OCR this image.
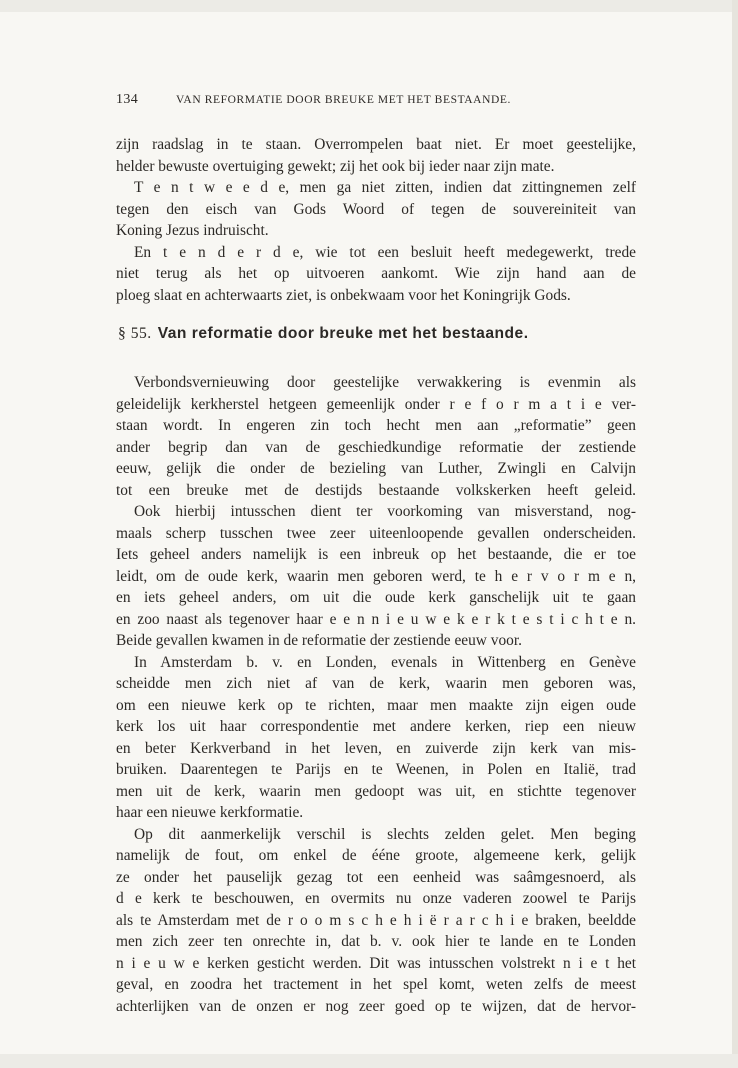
134	VAN REFORMATIE DOOR BREUKE MET HET BESTAANDE.
zijn raadslag in te staan. Overrompelen baat niet. Er moet geestelijke,
helder bewuste overtuiging gewekt; zij het ook bij ieder naar zijn mate.
T e n t w e e d e, men ga niet zitten, indien dat zittingnemen zelf
tegen den eisch van Gods Woord of tegen de souvereiniteit van
Koning Jezus indruischt.
En t e n d e r d e, wie tot een besluit heeft medegewerkt, trede
niet terug als het op uitvoeren aankomt. Wie zijn hand aan de
ploeg slaat en achterwaarts ziet, is onbekwaam voor het Koningrijk Gods.
§ 55. Van reformatie door breuke met het bestaande.
Verbondsvernieuwing door geestelijke verwakkering is evenmin als
geleidelijk kerkherstel hetgeen gemeenlijk onder r e f o r m a t i e ver-
staan wordt. In engeren zin toch hecht men aan „reformatie” geen
ander begrip dan van de geschiedkundige reformatie der zestiende
eeuw, gelijk die onder de bezieling van Luther, Zwingli en Calvijn
tot een breuke met de destijds bestaande volkskerken heeft geleid.
Ook hierbij intusschen dient ter voorkoming van misverstand, nog-
maals scherp tusschen twee zeer uiteenloopende gevallen onderscheiden.
Iets geheel anders namelijk is een inbreuk op het bestaande, die er toe
leidt, om de oude kerk, waarin men geboren werd, te h e r v o r m e n,
en iets geheel anders, om uit die oude kerk ganschelijk uit te gaan
en zoo naast als tegenover haar e e n n i e u w e k e r k t e s t i c h t e n.
Beide gevallen kwamen in de reformatie der zestiende eeuw voor.
In Amsterdam b. v. en Londen, evenals in Wittenberg en Genève
scheidde men zich niet af van de kerk, waarin men geboren was,
om een nieuwe kerk op te richten, maar men maakte zijn eigen oude
kerk los uit haar correspondentie met andere kerken, riep een nieuw
en beter Kerkverband in het leven, en zuiverde zijn kerk van mis-
bruiken. Daarentegen te Parijs en te Weenen, in Polen en Italië, trad
men uit de kerk, waarin men gedoopt was uit, en stichtte tegenover
haar een nieuwe kerkformatie.
Op dit aanmerkelijk verschil is slechts zelden gelet. Men beging
namelijk de fout, om enkel de ééne groote, algemeene kerk, gelijk
ze onder het pauselijk gezag tot een eenheid was saâmgesnoerd, als
d e kerk te beschouwen, en overmits nu onze vaderen zoowel te Parijs
als te Amsterdam met de r o o m s c h e h i ë r a r c h i e braken, beeldde
men zich zeer ten onrechte in, dat b. v. ook hier te lande en te Londen
n i e u w e kerken gesticht werden. Dit was intusschen volstrekt n i e t het
geval, en zoodra het tractement in het spel komt, weten zelfs de meest
achterlijken van de onzen er nog zeer goed op te wijzen, dat de hervor-
